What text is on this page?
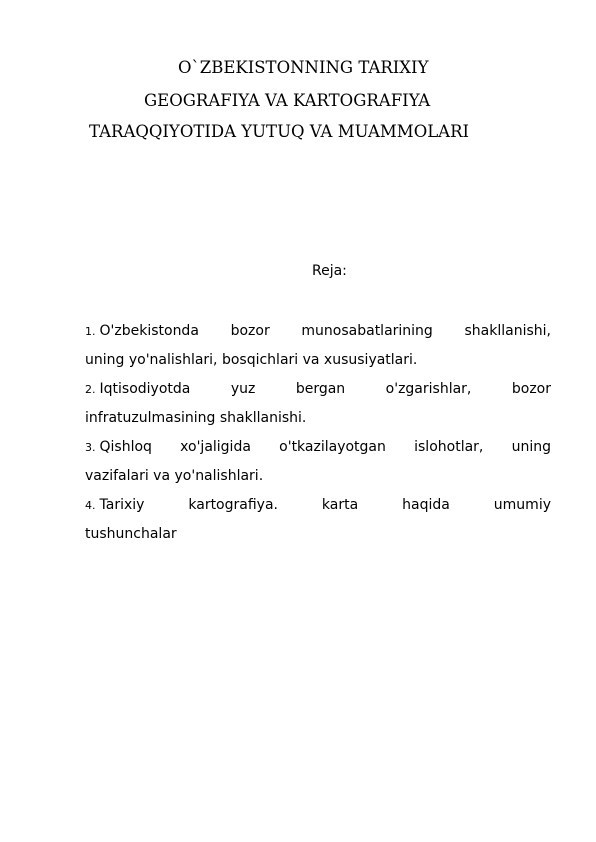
O`ZBEKISTONNING TARIXIY
GEOGRAFIYA VA KARTOGRAFIYA
TARAQQIYOTIDA YUTUQ VA MUAMMOLARI
Reja:
1. O'zbekistonda bozor munosabatlarining shakllanishi,
uning yo'nalishlari, bosqichlari va xususiyatlari.
2. Iqtisodiyotda yuz bergan o'zgarishlar, bozor
infratuzulmasining shakllanishi.
3. Qishloq xo'jaligida o'tkazilayotgan islohotlar, uning
vazifalari va yo'nalishlari.
4. Tarixiy kartografiya. karta haqida umumiy
tushunchalar
